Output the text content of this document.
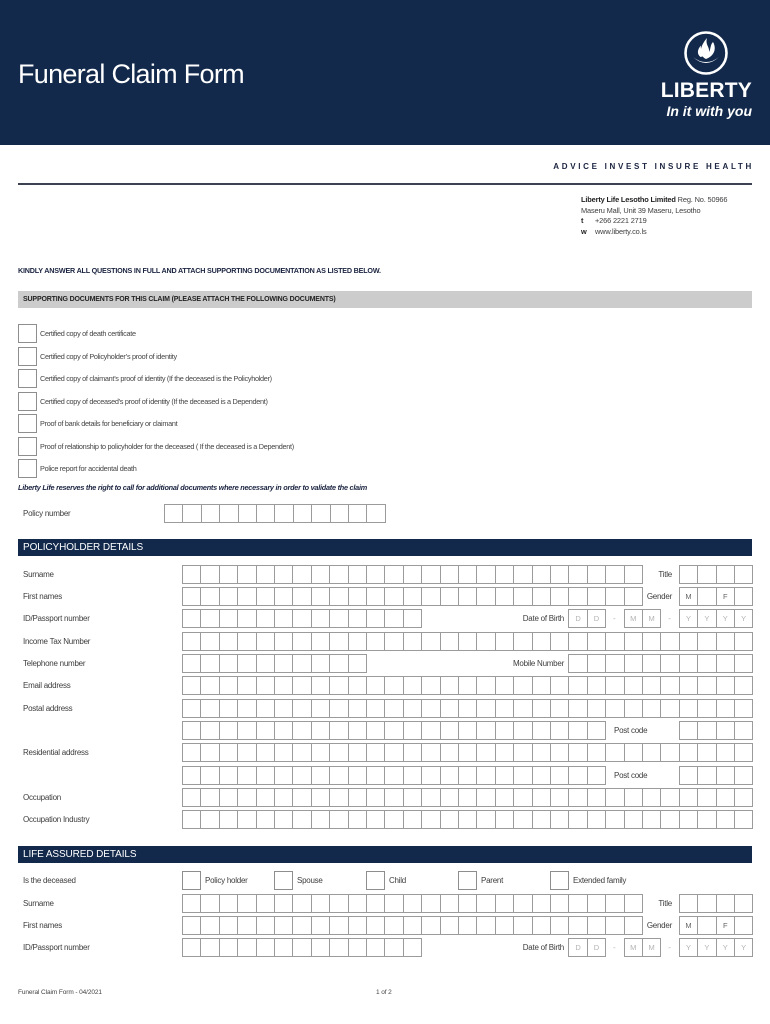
Funeral Claim Form
LIBERTY
In it with you
ADVICE INVEST INSURE HEALTH
Liberty Life Lesotho Limited Reg. No. 50966
Maseru Mall, Unit 39 Maseru, Lesotho
t +266 2221 2719
w www.liberty.co.ls
KINDLY ANSWER ALL QUESTIONS IN FULL AND ATTACH SUPPORTING DOCUMENTATION AS LISTED BELOW.
SUPPORTING DOCUMENTS FOR THIS CLAIM (PLEASE ATTACH THE FOLLOWING DOCUMENTS)
Certified copy of death certificate
Certified copy of Policyholder’s proof of identity
Certified copy of claimant’s proof of identity (If the deceased is the Policyholder)
Certified copy of deceased’s proof of identity (If the deceased is a Dependent)
Proof of bank details for beneficiary or claimant
Proof of relationship to policyholder for the deceased ( If the deceased is a Dependent)
Police report for accidental death
Liberty Life reserves the right to call for additional documents where necessary in order to validate the claim
Policy number
POLICYHOLDER DETAILS
Surname	Title
First names	Gender	M	F
ID/Passport number	Date of Birth	D	D	-	M	M	-	Y	Y	Y	Y
Income Tax Number
Telephone number	Mobile Number
Email address
Postal address
Post code
Residential address
Post code
Occupation
Occupation Industry
LIFE ASSURED DETAILS
Is the deceased	Policy holder	Spouse	Child	Parent	Extended family
Surname	Title
First names	Gender	M	F
ID/Passport number	Date of Birth	D	D	-	M	M	-	Y	Y	Y	Y
Funeral Claim Form - 04/2021	1 of 2
